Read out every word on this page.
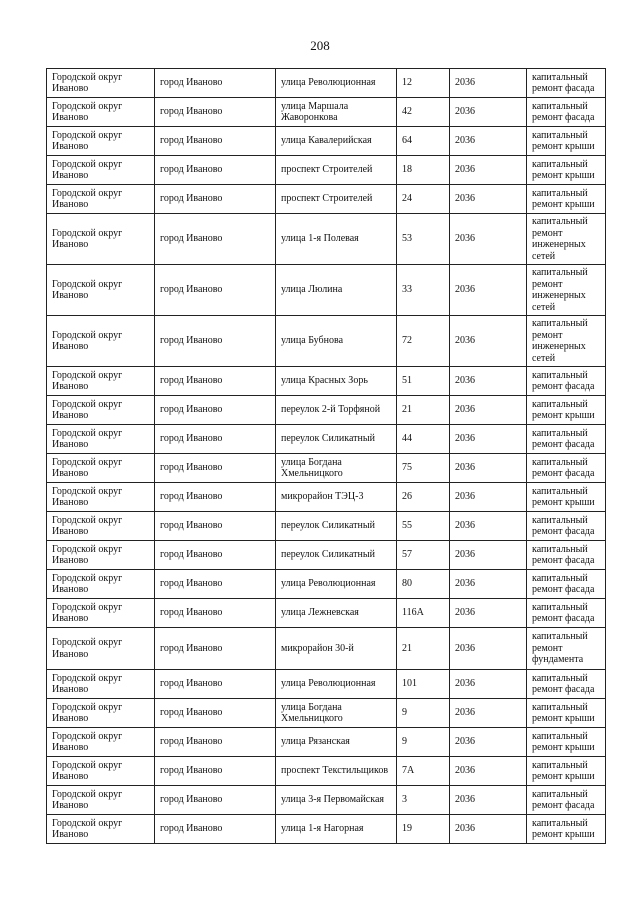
208
Городской округ Иваново	город Иваново	улица Революционная	12	2036	капитальный ремонт фасада
Городской округ Иваново	город Иваново	улица Маршала Жаворонкова	42	2036	капитальный ремонт фасада
Городской округ Иваново	город Иваново	улица Кавалерийская	64	2036	капитальный ремонт крыши
Городской округ Иваново	город Иваново	проспект Строителей	18	2036	капитальный ремонт крыши
Городской округ Иваново	город Иваново	проспект Строителей	24	2036	капитальный ремонт крыши
Городской округ Иваново	город Иваново	улица 1-я Полевая	53	2036	капитальный ремонт инженерных сетей
Городской округ Иваново	город Иваново	улица Люлина	33	2036	капитальный ремонт инженерных сетей
Городской округ Иваново	город Иваново	улица Бубнова	72	2036	капитальный ремонт инженерных сетей
Городской округ Иваново	город Иваново	улица Красных Зорь	51	2036	капитальный ремонт фасада
Городской округ Иваново	город Иваново	переулок 2-й Торфяной	21	2036	капитальный ремонт крыши
Городской округ Иваново	город Иваново	переулок Силикатный	44	2036	капитальный ремонт фасада
Городской округ Иваново	город Иваново	улица Богдана Хмельницкого	75	2036	капитальный ремонт фасада
Городской округ Иваново	город Иваново	микрорайон ТЭЦ-3	26	2036	капитальный ремонт крыши
Городской округ Иваново	город Иваново	переулок Силикатный	55	2036	капитальный ремонт фасада
Городской округ Иваново	город Иваново	переулок Силикатный	57	2036	капитальный ремонт фасада
Городской округ Иваново	город Иваново	улица Революционная	80	2036	капитальный ремонт фасада
Городской округ Иваново	город Иваново	улица Лежневская	116А	2036	капитальный ремонт фасада
Городской округ Иваново	город Иваново	микрорайон 30-й	21	2036	капитальный ремонт фундамента
Городской округ Иваново	город Иваново	улица Революционная	101	2036	капитальный ремонт фасада
Городской округ Иваново	город Иваново	улица Богдана Хмельницкого	9	2036	капитальный ремонт крыши
Городской округ Иваново	город Иваново	улица Рязанская	9	2036	капитальный ремонт крыши
Городской округ Иваново	город Иваново	проспект Текстильщиков	7А	2036	капитальный ремонт крыши
Городской округ Иваново	город Иваново	улица 3-я Первомайская	3	2036	капитальный ремонт фасада
Городской округ Иваново	город Иваново	улица 1-я Нагорная	19	2036	капитальный ремонт крыши
